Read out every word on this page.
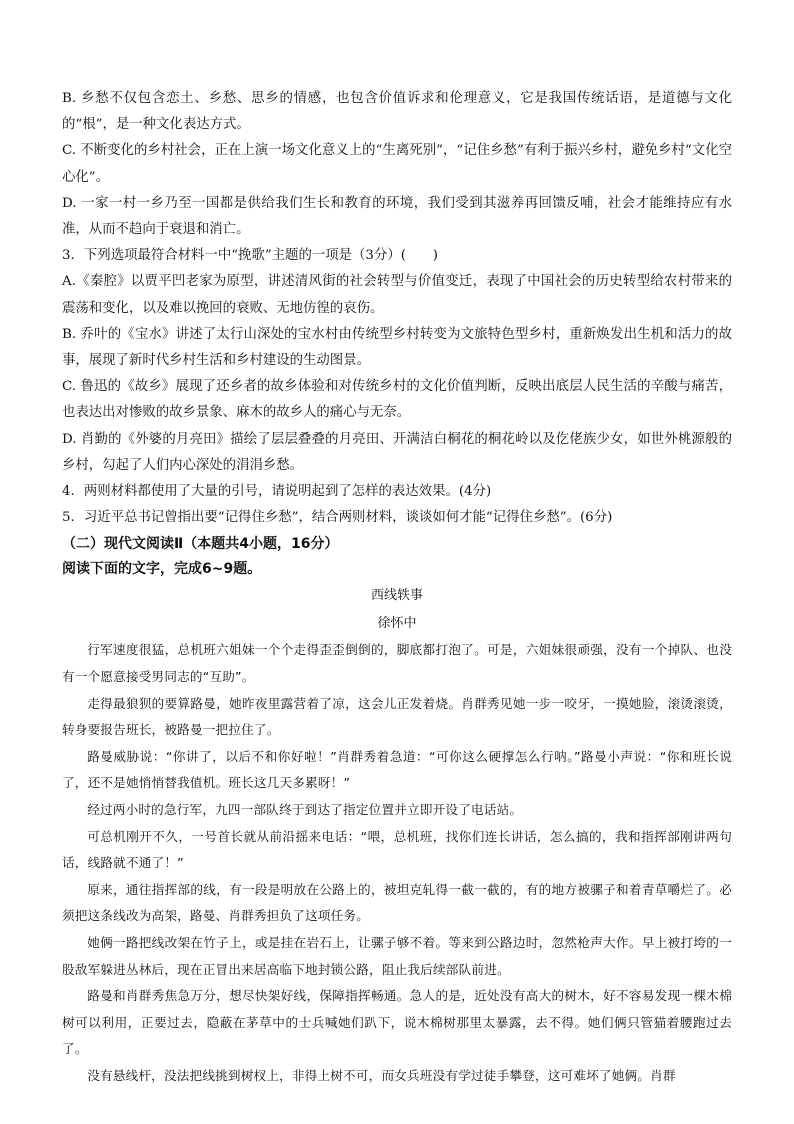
B. 乡愁不仅包含恋土、乡愁、思乡的情感，也包含价值诉求和伦理意义，它是我国传统话语，是道德与文化的“根”，是一种文化表达方式。

C. 不断变化的乡村社会，正在上演一场文化意义上的“生离死别”，“记住乡愁”有利于振兴乡村，避免乡村“文化空心化”。

D. 一家一村一乡乃至一国都是供给我们生长和教育的环境，我们受到其滋养再回馈反哺，社会才能维持应有水准，从而不趋向于衰退和消亡。

3．下列选项最符合材料一中“挽歌”主题的一项是（3分）(　　)

A.《秦腔》以贾平凹老家为原型，讲述清风街的社会转型与价值变迁，表现了中国社会的历史转型给农村带来的震荡和变化，以及难以挽回的衰败、无地仿徨的哀伤。

B. 乔叶的《宝水》讲述了太行山深处的宝水村由传统型乡村转变为文旅特色型乡村，重新焕发出生机和活力的故事，展现了新时代乡村生活和乡村建设的生动图景。

C. 鲁迅的《故乡》展现了还乡者的故乡体验和对传统乡村的文化价值判断，反映出底层人民生活的辛酸与痛苦，也表达出对惨败的故乡景象、麻木的故乡人的痛心与无奈。

D. 肖勤的《外婆的月亮田》描绘了层层叠叠的月亮田、开满洁白桐花的桐花岭以及仡佬族少女，如世外桃源般的乡村，勾起了人们内心深处的涓涓乡愁。

4．两则材料都使用了大量的引号，请说明起到了怎样的表达效果。(4分)

5．习近平总书记曾指出要“记得住乡愁”，结合两则材料，谈谈如何才能“记得住乡愁”。(6分)

（二）现代文阅读Ⅱ（本题共4小题，16分）

阅读下面的文字，完成6~9题。

西线轶事

徐怀中

行军速度很猛，总机班六姐妹一个个走得歪歪倒倒的，脚底都打泡了。可是，六姐妹很顽强，没有一个掉队、也没有一个愿意接受男同志的“互助”。

走得最狼狈的要算路曼，她昨夜里露营着了凉，这会儿正发着烧。肖群秀见她一步一咬牙，一摸她脸，滚烫滚烫，转身要报告班长，被路曼一把拉住了。

路曼威胁说：“你讲了，以后不和你好啦！”肖群秀着急道：“可你这么硬撑怎么行呐。”路曼小声说：“你和班长说了，还不是她悄悄替我值机。班长这几天多累呀！”

经过两小时的急行军，九四一部队终于到达了指定位置并立即开设了电话站。

可总机刚开不久，一号首长就从前沿摇来电话：“喂，总机班，找你们连长讲话，怎么搞的，我和指挥部刚讲两句话，线路就不通了！”

原来，通往指挥部的线，有一段是明放在公路上的，被坦克轧得一截一截的，有的地方被骡子和着青草嚼烂了。必须把这条线改为高架，路曼、肖群秀担负了这项任务。

她俩一路把线改架在竹子上，或是挂在岩石上，让骡子够不着。等来到公路边时，忽然枪声大作。早上被打垮的一股敌军躲进丛林后，现在正冒出来居高临下地封锁公路，阻止我后续部队前进。

路曼和肖群秀焦急万分，想尽快架好线，保障指挥畅通。急人的是，近处没有高大的树木，好不容易发现一棵木棉树可以利用，正要过去，隐蔽在茅草中的士兵喊她们趴下，说木棉树那里太暴露，去不得。她们俩只管猫着腰跑过去了。

没有悬线杆，没法把线挑到树杈上，非得上树不可，而女兵班没有学过徒手攀登，这可难坏了她俩。肖群
